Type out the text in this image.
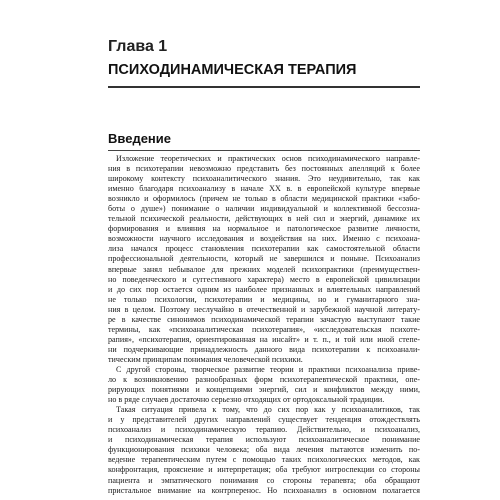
Глава 1
ПСИХОДИНАМИЧЕСКАЯ ТЕРАПИЯ
Введение
Изложение теоретических и практических основ психодинамического направле-
ния в психотерапии невозможно представить без постоянных апелляций к более
широкому контексту психоаналитического знания. Это неудивительно, так как
именно благодаря психоанализу в начале XX в. в европейской культуре впервые
возникло и оформилось (причем не только в области медицинской практики «забо-
боты о душе») понимание о наличии индивидуальной и коллективной бессозна-
тельной психической реальности, действующих в ней сил и энергий, динамике их
формирования и влияния на нормальное и патологическое развитие личности,
возможности научного исследования и воздействия на них. Именно с психоана-
лиза начался процесс становления психотерапии как самостоятельной области
профессиональной деятельности, который не завершился и поныне. Психоанализ
впервые занял небывалое для прежних моделей психопрактики (преимуществен-
но поведенческого и суггестивного характера) место в европейской цивилизации
и до сих пор остается одним из наиболее признанных и влиятельных направлений
не только психологии, психотерапии и медицины, но и гуманитарного зна-
ния в целом. Поэтому неслучайно в отечественной и зарубежной научной литерату-
ре в качестве синонимов психодинамической терапии зачастую выступают такие
термины, как «психоаналитическая психотерапия», «исследовательская психоте-
рапия», «психотерапия, ориентированная на инсайт» и т. п., и той или иной степе-
ни подчеркивающие принадлежность данного вида психотерапии к психоанали-
тическим принципам понимания человеческой психики.
С другой стороны, творческое развитие теории и практики психоанализа приве-
ло к возникновению разнообразных форм психотерапевтической практики, опе-
рирующих понятиями и концепциями энергий, сил и конфликтов между ними,
но в ряде случаев достаточно серьезно отходящих от ортодоксальной традиции.
Такая ситуация привела к тому, что до сих пор как у психоаналитиков, так
и у представителей других направлений существует тенденция отождествлять
психоанализ и психодинамическую терапию. Действительно, и психоанализ,
и психодинамическая терапия используют психоаналитическое понимание
функционирования психики человека; оба вида лечения пытаются изменить по-
ведение терапевтическим путем с помощью таких психологических методов, как
конфронтация, прояснение и интерпретация; оба требуют интроспекции со стороны
пациента и эмпатического понимания со стороны терапевта; оба обращают
пристальное внимание на контрперенос. Но психоанализ в основном полагается
